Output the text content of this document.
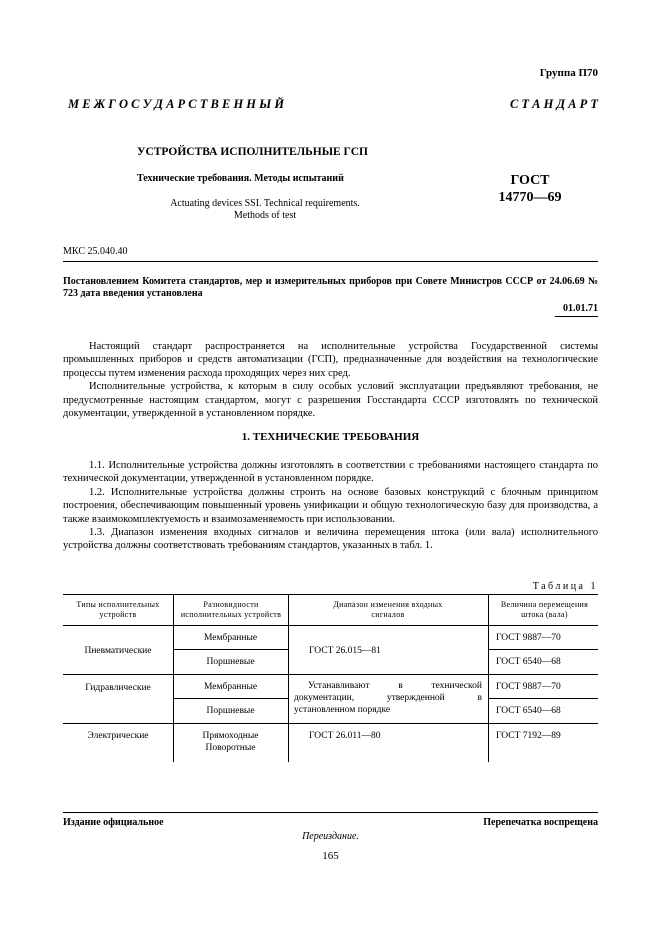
Группа П70
М Е Ж Г О С У Д А Р С Т В Е Н Н Ы Й	С Т А Н Д А Р Т
УСТРОЙСТВА ИСПОЛНИТЕЛЬНЫЕ ГСП
Технические требования. Методы испытаний
Actuating devices SSI. Technical requirements.
Methods of test
ГОСТ
14770—69
МКС 25.040.40
Постановлением Комитета стандартов, мер и измерительных приборов при Совете Министров СССР от 24.06.69 № 723 дата введения установлена
01.01.71

Настоящий стандарт распространяется на исполнительные устройства Государственной системы промышленных приборов и средств автоматизации (ГСП), предназначенные для воздействия на технологические процессы путем изменения расхода проходящих через них сред.

Исполнительные устройства, к которым в силу особых условий эксплуатации предъявляют требования, не предусмотренные настоящим стандартом, могут с разрешения Госстандарта СССР изготовлять по технической документации, утвержденной в установленном порядке.

1. ТЕХНИЧЕСКИЕ ТРЕБОВАНИЯ

1.1. Исполнительные устройства должны изготовлять в соответствии с требованиями настоящего стандарта по технической документации, утвержденной в установленном порядке.

1.2. Исполнительные устройства должны строить на основе базовых конструкций с блочным принципом построения, обеспечивающим повышенный уровень унификации и общую технологическую базу для производства, а также взаимокомплектуемость и взаимозаменяемость при использовании.

1.3. Диапазон изменения входных сигналов и величина перемещения штока (или вала) исполнительного устройства должны соответствовать требованиям стандартов, указанных в табл. 1.

Таблица 1
Типы исполнительных устройств
Разновидности исполнительных устройств
Диапазон изменения входных сигналов
Величина перемещения штока (вала)
Пневматические
Гидравлические
Электрические
Мембранные
Поршневые
Мембранные
Поршневые
Прямоходные
Поворотные
ГОСТ 26.015—81
Устанавливают в технической документации, утвержденной в установленном порядке
ГОСТ 26.011—80
ГОСТ 9887—70
ГОСТ 6540—68
ГОСТ 9887—70
ГОСТ 6540—68
ГОСТ 7192—89
Издание официальное	Перепечатка воспрещена
Переиздание.
165
